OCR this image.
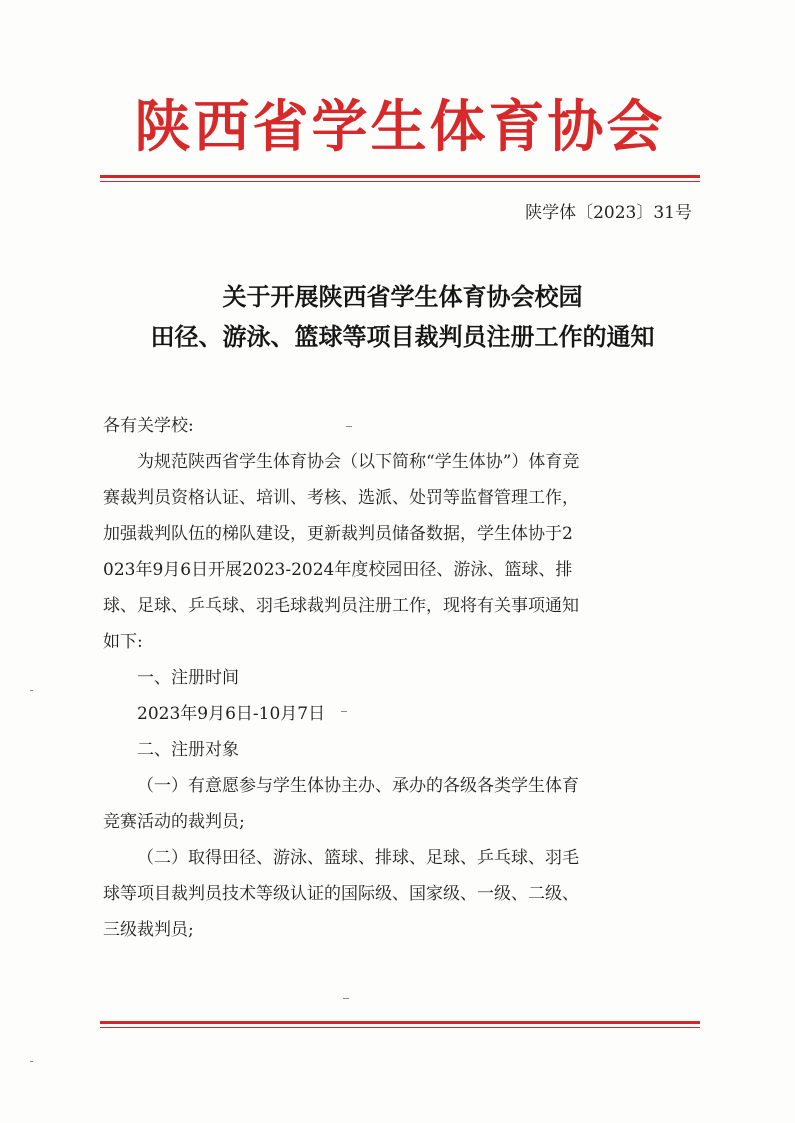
陕西省学生体育协会
陕学体〔2023〕31号
关于开展陕西省学生体育协会校园
田径、游泳、篮球等项目裁判员注册工作的通知

各有关学校:

为规范陕西省学生体育协会（以下简称“学生体协”）体育竞

赛裁判员资格认证、培训、考核、选派、处罚等监督管理工作，

加强裁判队伍的梯队建设，更新裁判员储备数据，学生体协于2

023年9月6日开展2023-2024年度校园田径、游泳、篮球、排

球、足球、乒乓球、羽毛球裁判员注册工作，现将有关事项通知

如下:

一、注册时间

2023年9月6日-10月7日

二、注册对象

（一）有意愿参与学生体协主办、承办的各级各类学生体育

竞赛活动的裁判员;

（二）取得田径、游泳、篮球、排球、足球、乒乓球、羽毛

球等项目裁判员技术等级认证的国际级、国家级、一级、二级、

三级裁判员;
